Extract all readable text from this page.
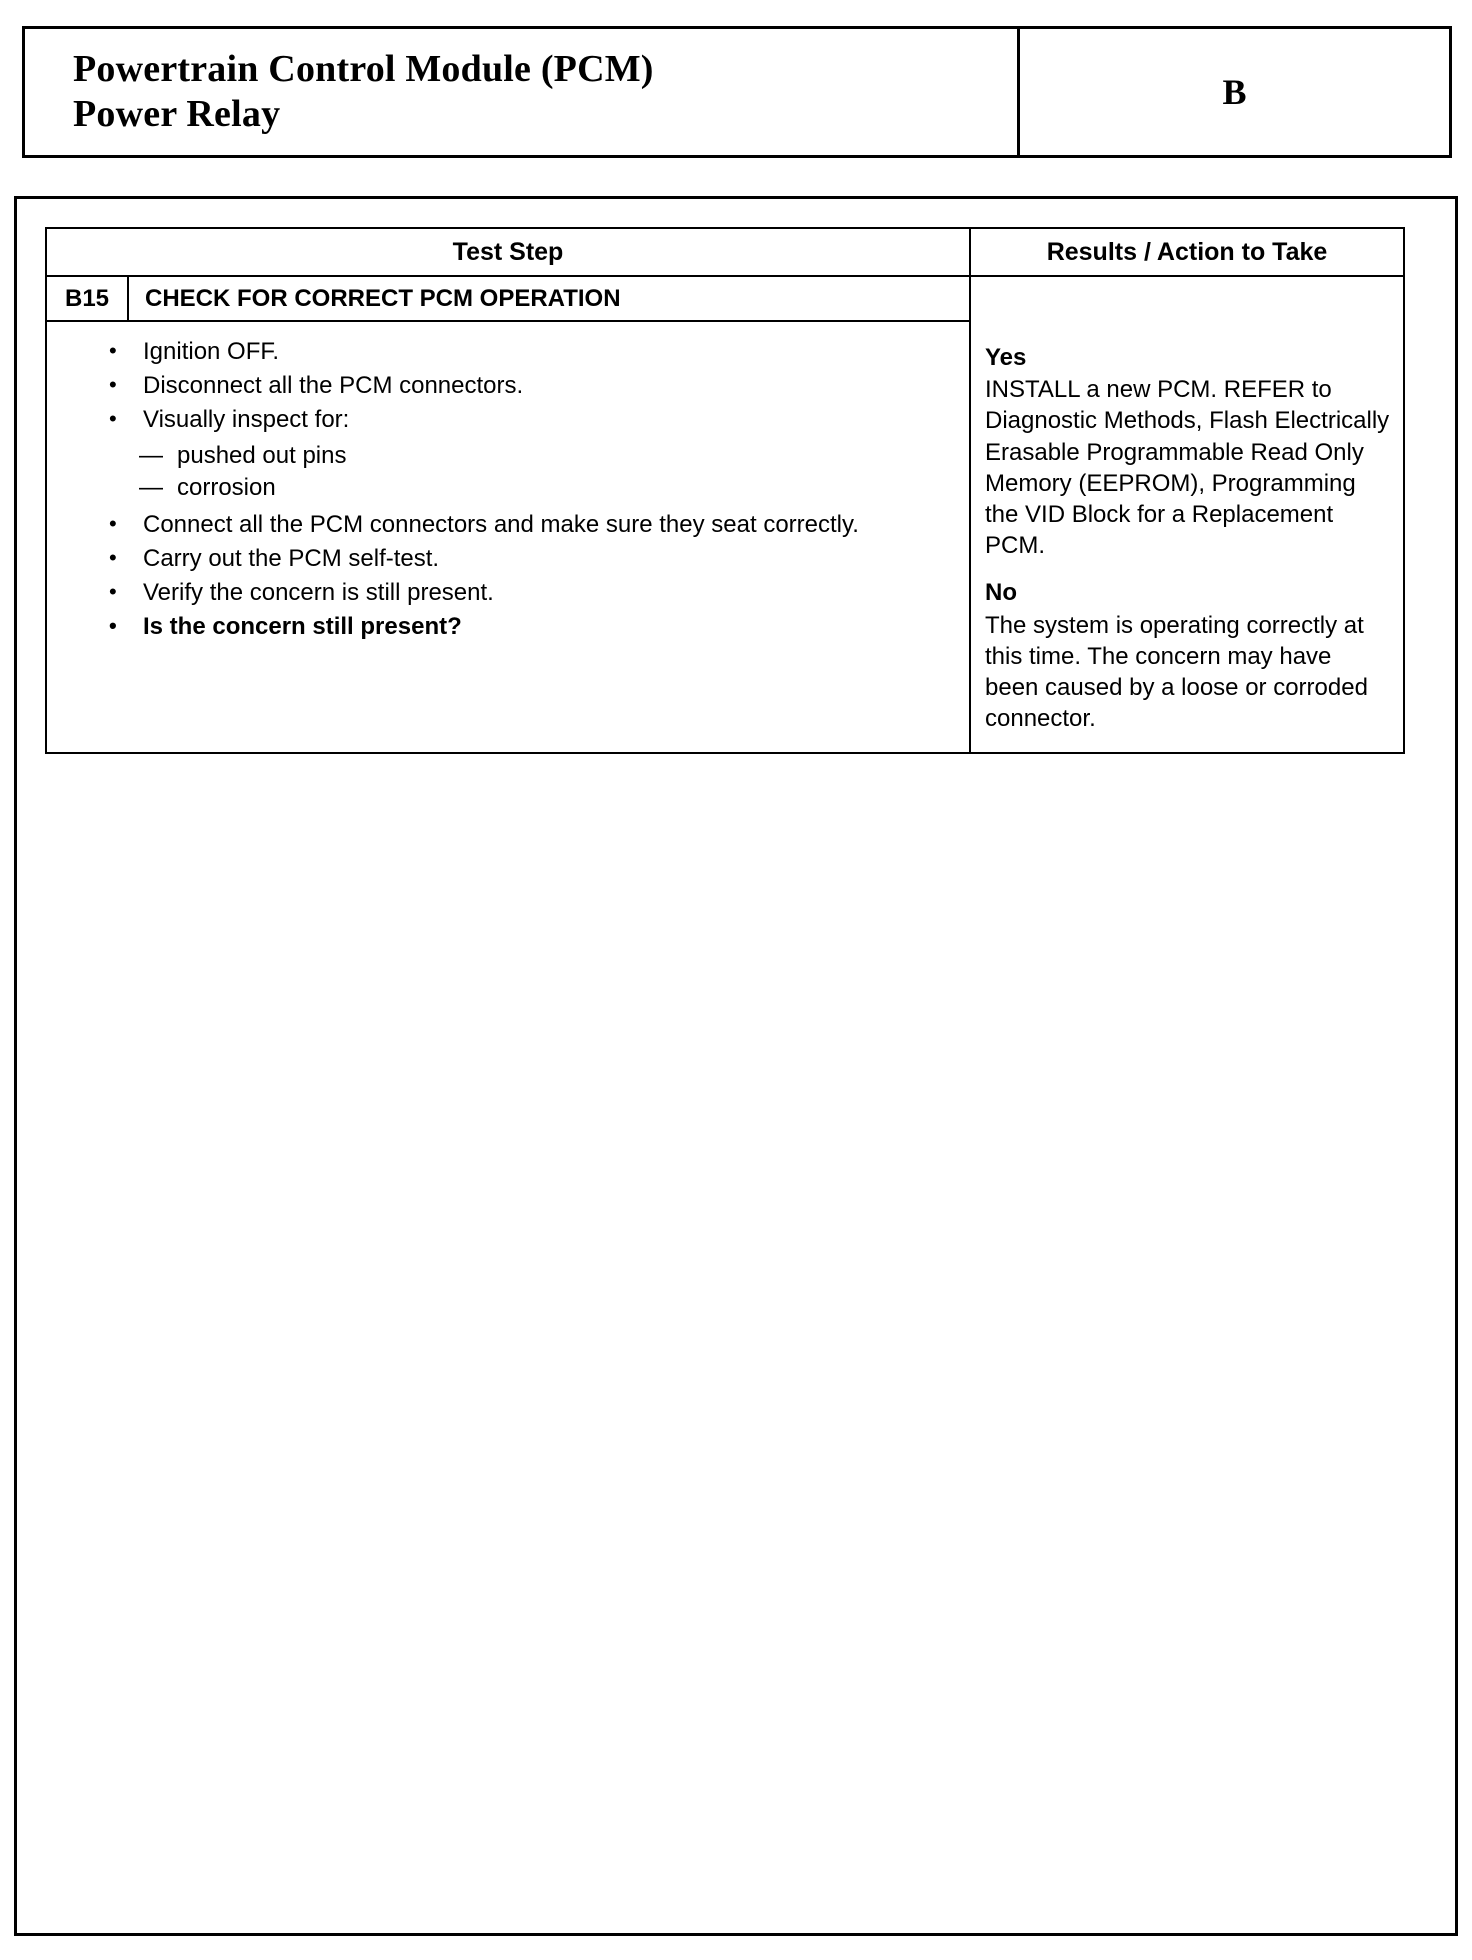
Powertrain Control Module (PCM)
Power Relay
B
Test Step	Results / Action to Take
B15	CHECK FOR CORRECT PCM OPERATION
• Ignition OFF.
• Disconnect all the PCM connectors.
• Visually inspect for:
— pushed out pins
— corrosion
• Connect all the PCM connectors and make sure they seat correctly.
• Carry out the PCM self-test.
• Verify the concern is still present.
• Is the concern still present?

Yes

INSTALL a new PCM. REFER to Diagnostic Methods, Flash Electrically Erasable Programmable Read Only Memory (EEPROM), Programming the VID Block for a Replacement PCM.

No

The system is operating correctly at this time. The concern may have been caused by a loose or corroded connector.
